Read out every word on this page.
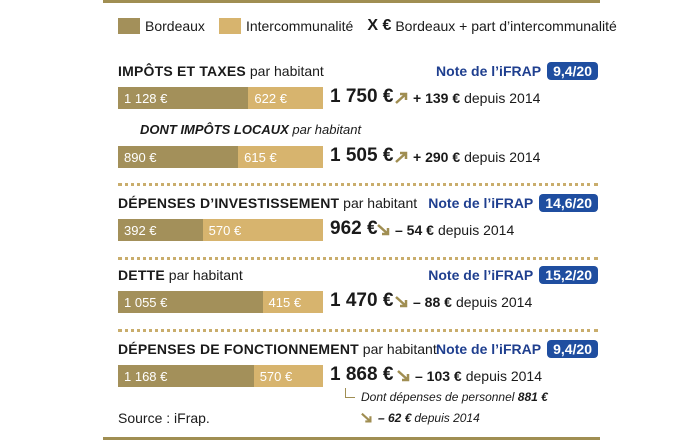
Bordeaux	Intercommunalité X € Bordeaux + part d’intercommunalité
IMPÔTS ET TAXES par habitant	Note de l’iFRAP 9,4/20
1 128 €	622 €	1 750 € + 139 € depuis 2014
DONT IMPÔTS LOCAUX par habitant
890 €	615 €	1 505 € + 290 € depuis 2014
DÉPENSES D’INVESTISSEMENT par habitant Note de l’iFRAP 14,6/20
392 €	570 €	962 € – 54 € depuis 2014
DETTE par habitant	Note de l’iFRAP 15,2/20
1 055 €	415 €	1 470 € – 88 € depuis 2014
DÉPENSES DE FONCTIONNEMENT par habitant Note de l’iFRAP 9,4/20
1 168 €	570 €	1 868 € – 103 € depuis 2014
Dont dépenses de personnel 881 €
– 62 € depuis 2014
Source : iFrap.
